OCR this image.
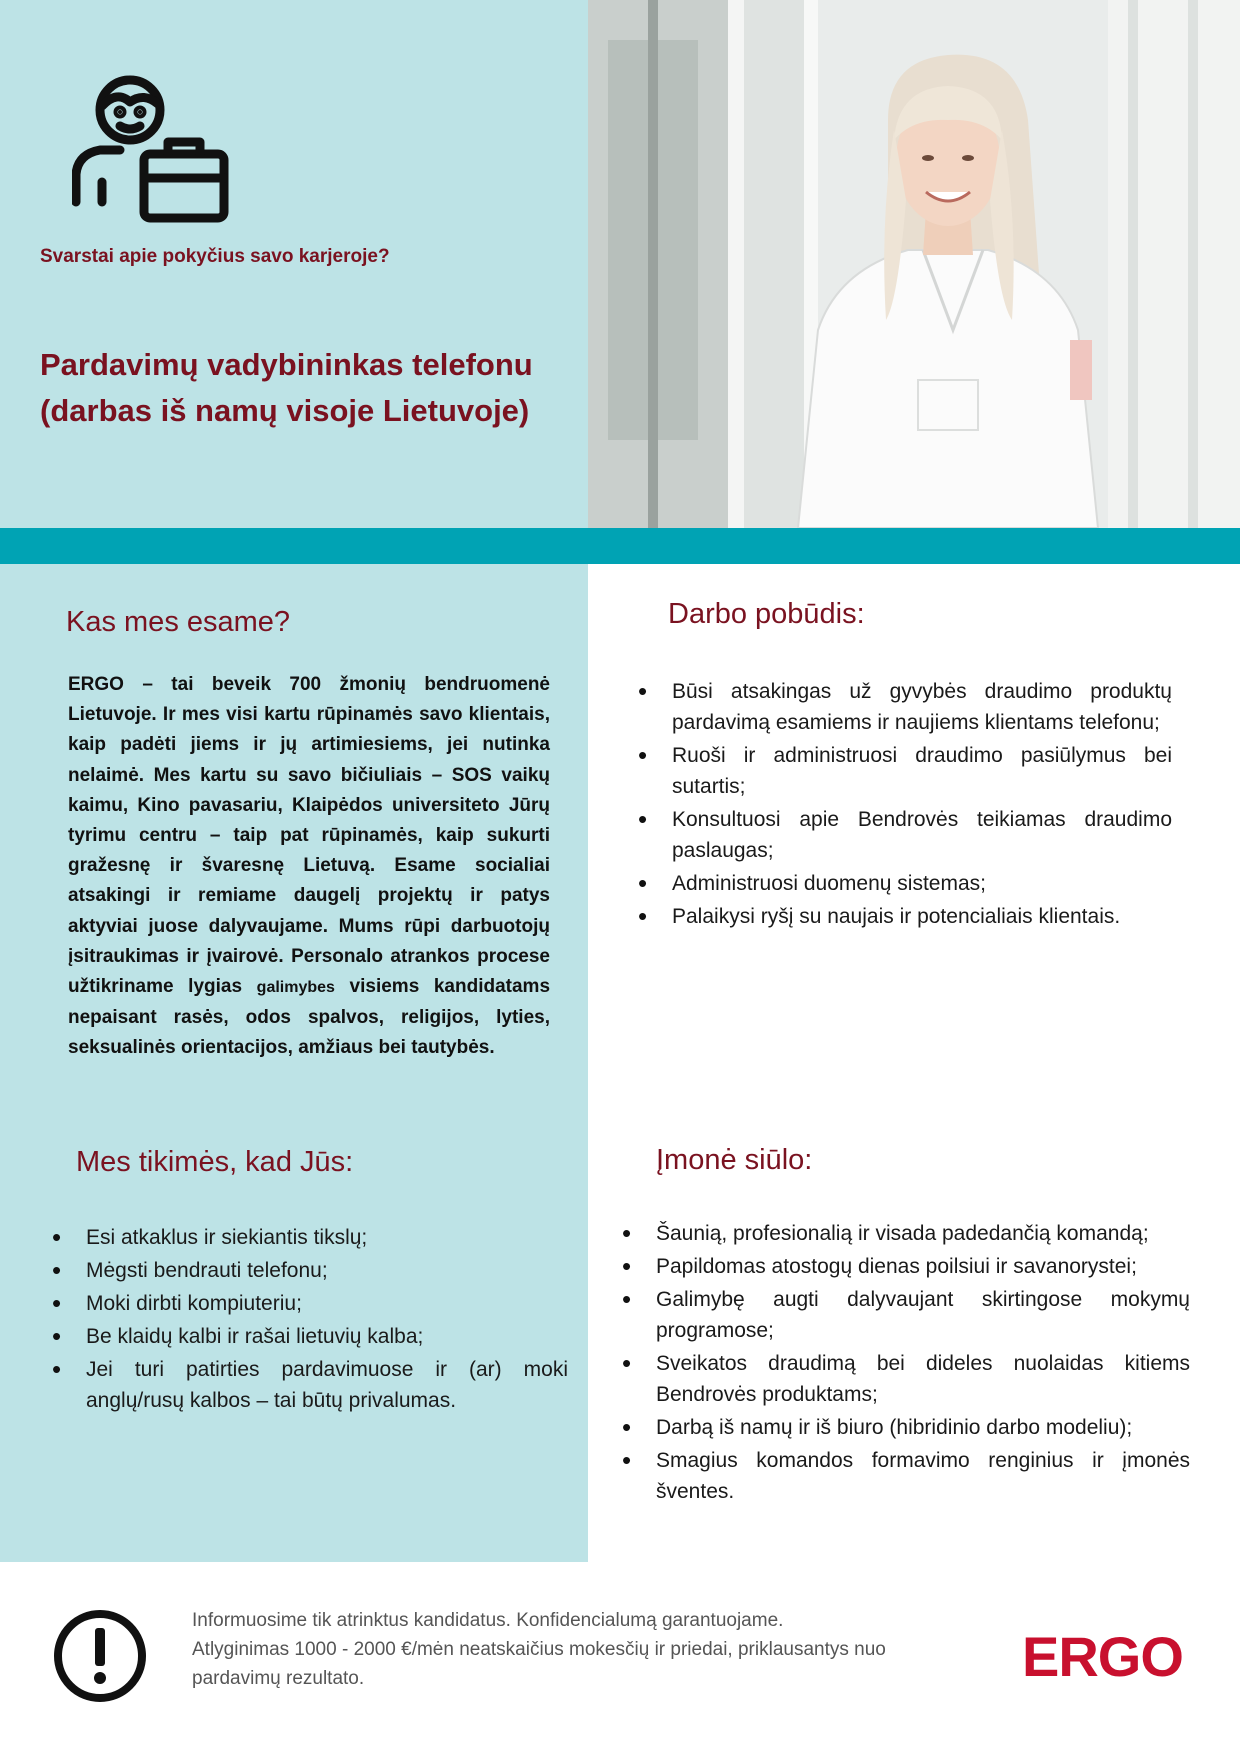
Svarstai apie pokyčius savo karjeroje?
Pardavimų vadybininkas telefonu
(darbas iš namų visoje Lietuvoje)
Kas mes esame?
ERGO – tai beveik 700 žmonių bendruomenė Lietuvoje. Ir mes visi kartu rūpinamės savo klientais, kaip padėti jiems ir jų artimiesiems, jei nutinka nelaimė. Mes kartu su savo bičiuliais – SOS vaikų kaimu, Kino pavasariu, Klaipėdos universiteto Jūrų tyrimu centru – taip pat rūpinamės, kaip sukurti gražesnę ir švaresnę Lietuvą. Esame socialiai atsakingi ir remiame daugelį projektų ir patys aktyviai juose dalyvaujame. Mums rūpi darbuotojų įsitraukimas ir įvairovė. Personalo atrankos procese užtikriname lygias galimybes visiems kandidatams nepaisant rasės, odos spalvos, religijos, lyties, seksualinės orientacijos, amžiaus bei tautybės.
Darbo pobūdis:
• Būsi atsakingas už gyvybės draudimo produktų pardavimą esamiems ir naujiems klientams telefonu;
• Ruoši ir administruosi draudimo pasiūlymus bei sutartis;
• Konsultuosi apie Bendrovės teikiamas draudimo paslaugas;
• Administruosi duomenų sistemas;
• Palaikysi ryšį su naujais ir potencialiais klientais.
Mes tikimės, kad Jūs:
• Esi atkaklus ir siekiantis tikslų;
• Mėgsti bendrauti telefonu;
• Moki dirbti kompiuteriu;
• Be klaidų kalbi ir rašai lietuvių kalba;
• Jei turi patirties pardavimuose ir (ar) moki anglų/rusų kalbos – tai būtų privalumas.
Įmonė siūlo:
• Šaunią, profesionalią ir visada padedančią komandą;
• Papildomas atostogų dienas poilsiui ir savanorystei;
• Galimybę augti dalyvaujant skirtingose mokymų programose;
• Sveikatos draudimą bei dideles nuolaidas kitiems Bendrovės produktams;
• Darbą iš namų ir iš biuro (hibridinio darbo modeliu);
• Smagius komandos formavimo renginius ir įmonės šventes.
Informuosime tik atrinktus kandidatus. Konfidencialumą garantuojame.
Atlyginimas 1000 - 2000 €/mėn neatskaičius mokesčių ir priedai, priklausantys nuo pardavimų rezultato.	ERGO
